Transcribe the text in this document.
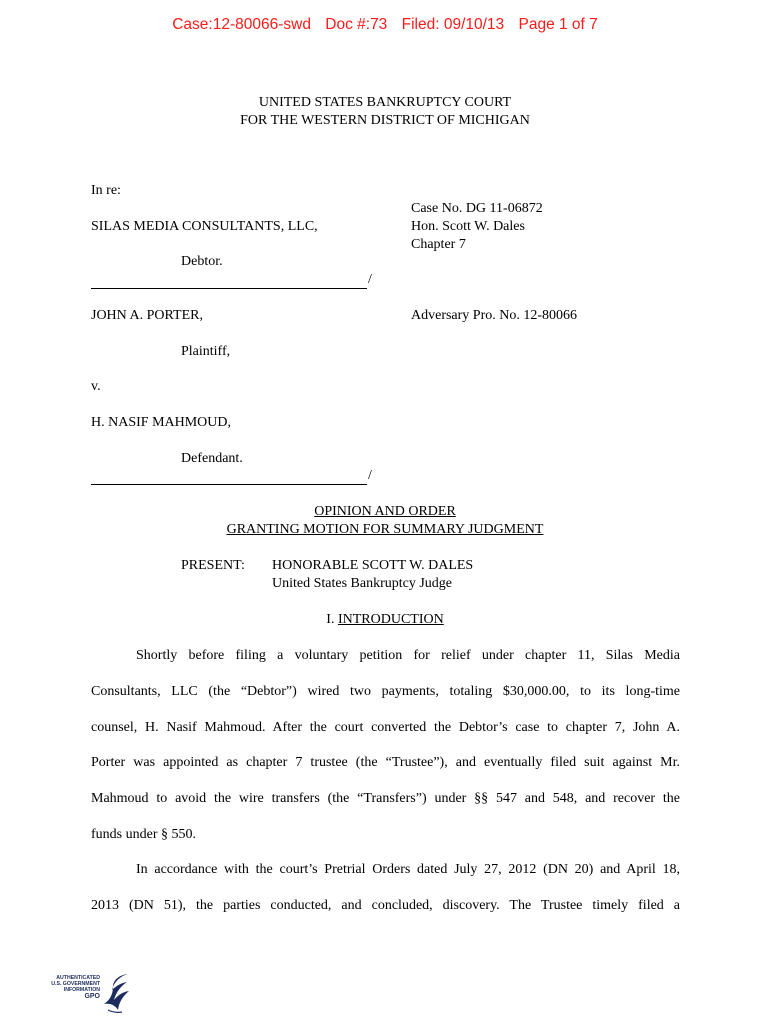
Case:12-80066-swd Doc #:73 Filed: 09/10/13 Page 1 of 7
UNITED STATES BANKRUPTCY COURT
FOR THE WESTERN DISTRICT OF MICHIGAN
In re:
SILAS MEDIA CONSULTANTS, LLC,
Debtor.
/
Case No. DG 11-06872
Hon. Scott W. Dales
Chapter 7
JOHN A. PORTER,	Adversary Pro. No. 12-80066
Plaintiff,
v.
H. NASIF MAHMOUD,
Defendant.
/
OPINION AND ORDER
GRANTING MOTION FOR SUMMARY JUDGMENT
PRESENT: HONORABLE SCOTT W. DALES
United States Bankruptcy Judge
I. INTRODUCTION
Shortly before filing a voluntary petition for relief under chapter 11, Silas Media
Consultants, LLC (the “Debtor”) wired two payments, totaling $30,000.00, to its long-time
counsel, H. Nasif Mahmoud. After the court converted the Debtor’s case to chapter 7, John A.
Porter was appointed as chapter 7 trustee (the “Trustee”), and eventually filed suit against Mr.
Mahmoud to avoid the wire transfers (the “Transfers”) under §§ 547 and 548, and recover the
funds under § 550.
In accordance with the court’s Pretrial Orders dated July 27, 2012 (DN 20) and April 18,
2013 (DN 51), the parties conducted, and concluded, discovery. The Trustee timely filed a
AUTHENTICATED
U.S. GOVERNMENT
INFORMATION
GPO
